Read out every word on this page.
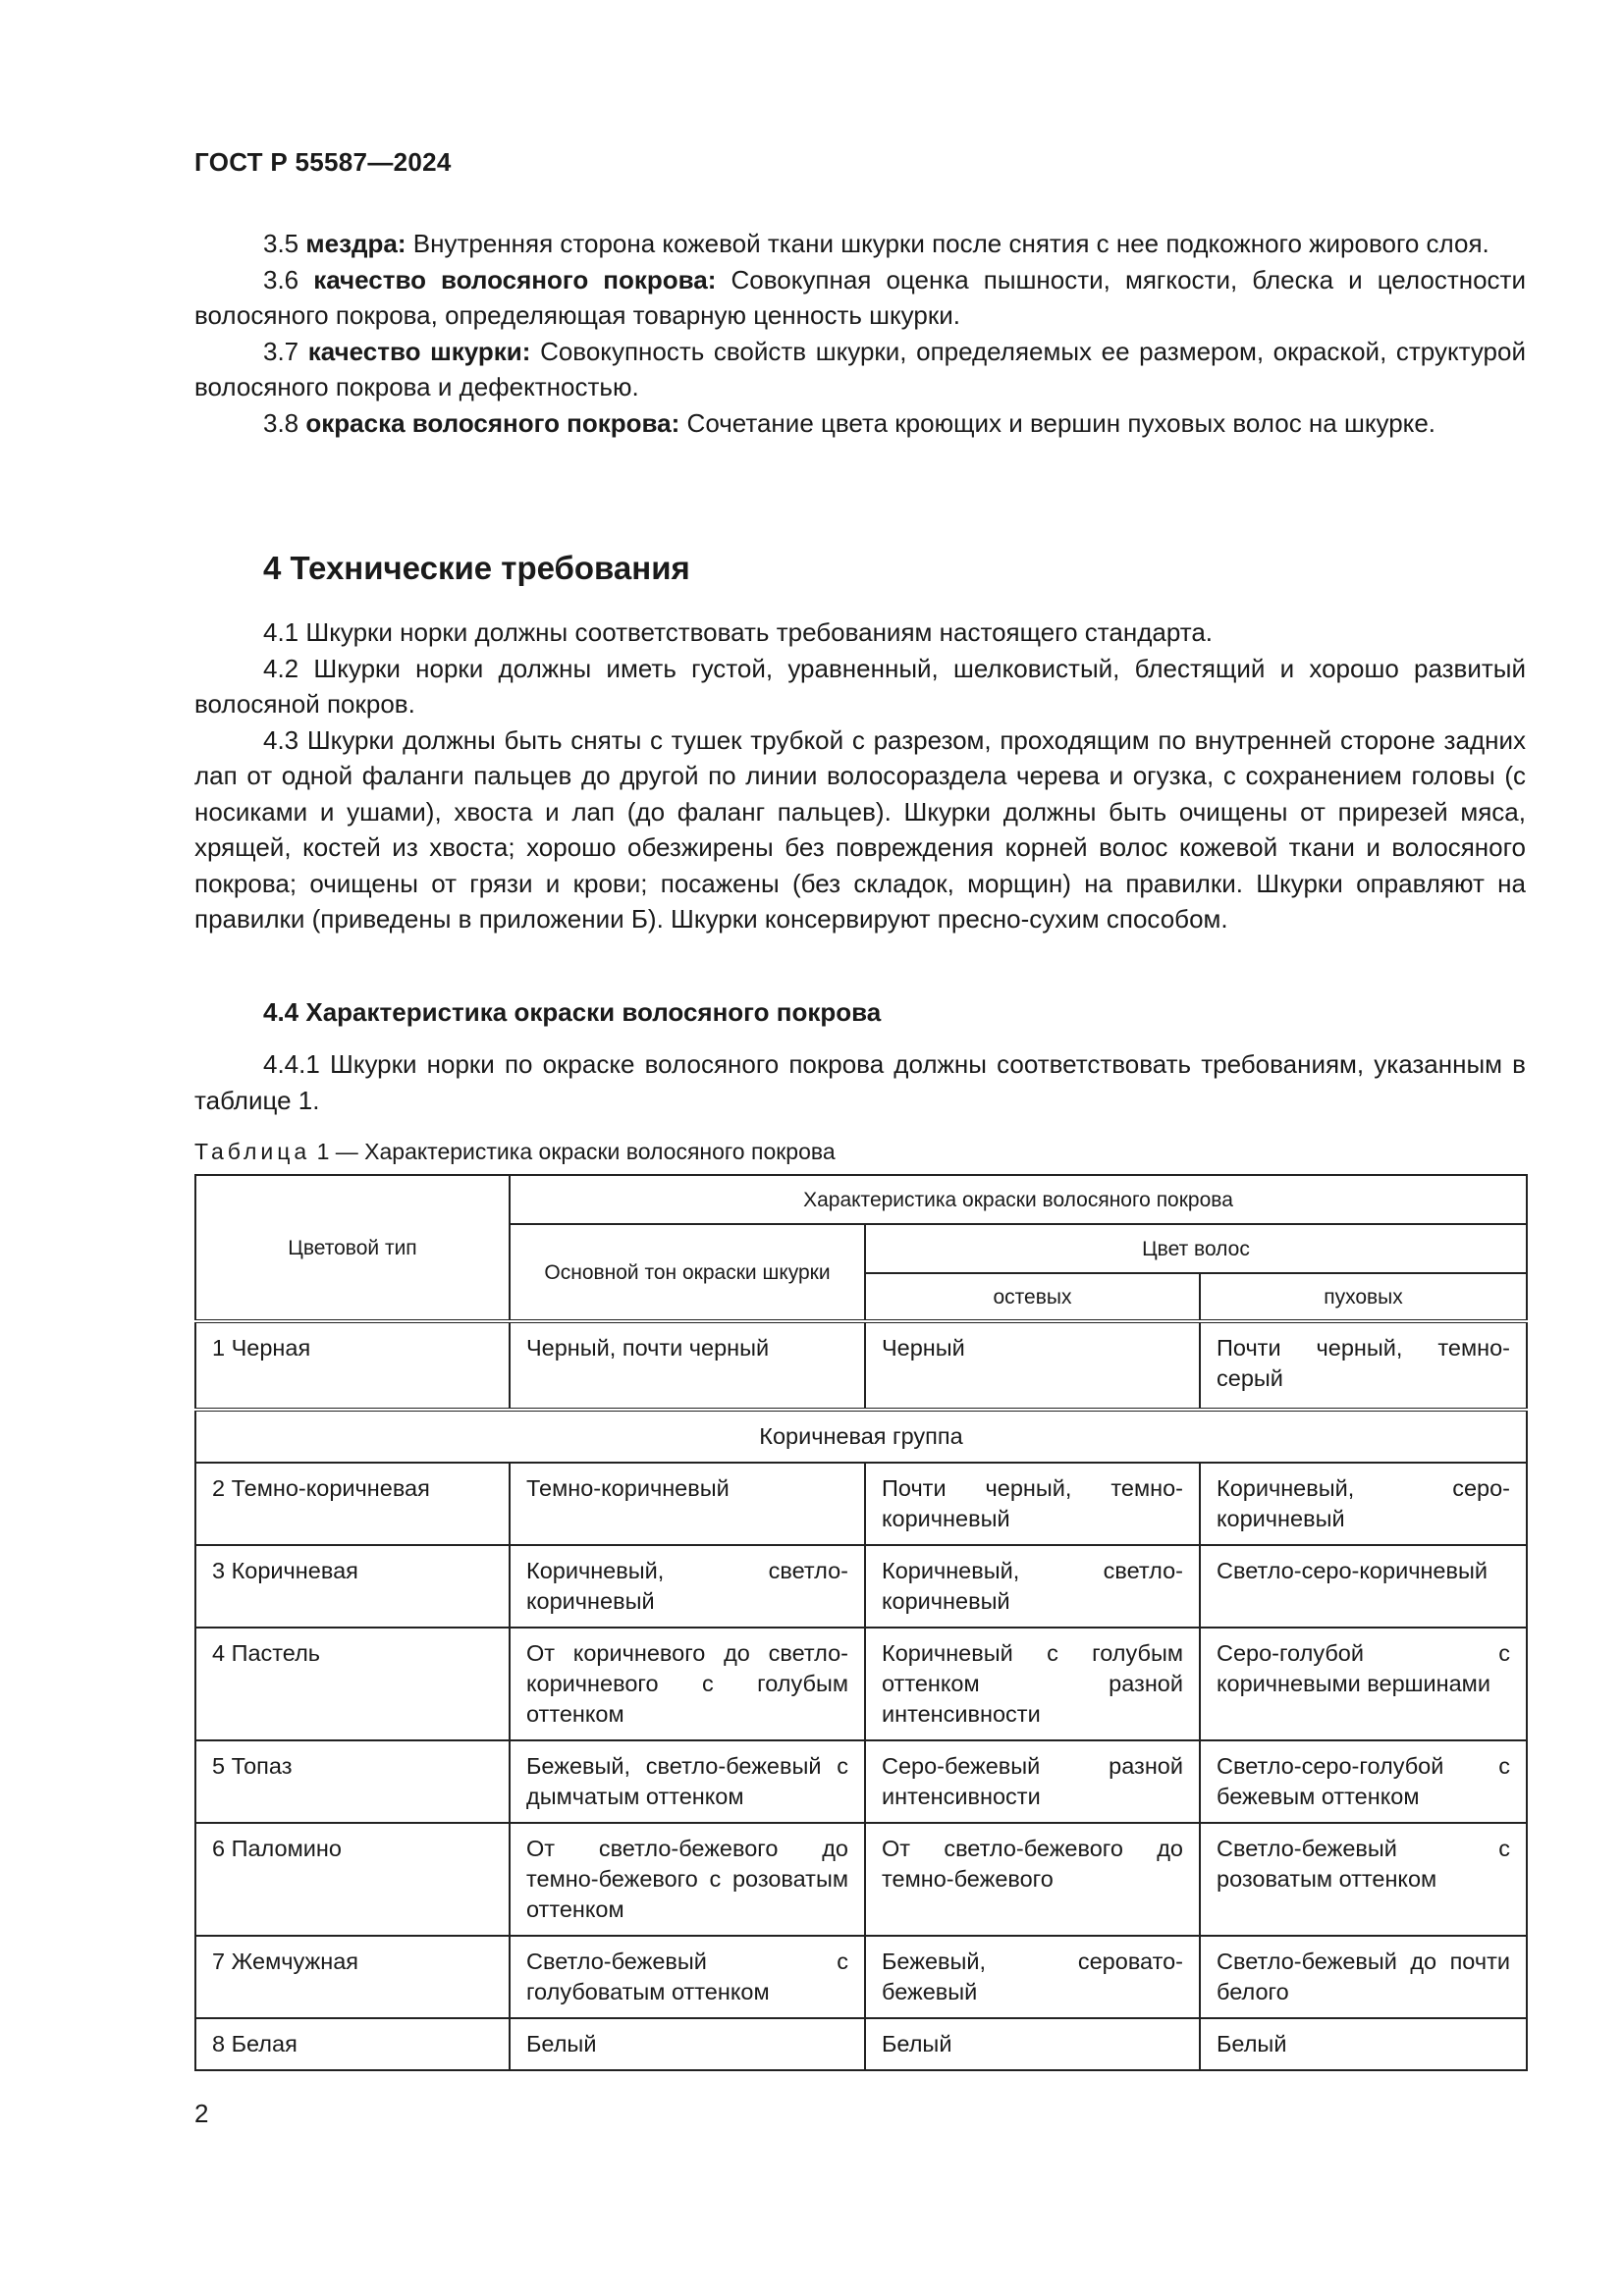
ГОСТ Р 55587—2024

3.5 мездра: Внутренняя сторона кожевой ткани шкурки после снятия с нее подкожного жирового слоя.

3.6 качество волосяного покрова: Совокупная оценка пышности, мягкости, блеска и целостности волосяного покрова, определяющая товарную ценность шкурки.

3.7 качество шкурки: Совокупность свойств шкурки, определяемых ее размером, окраской, структурой волосяного покрова и дефектностью.

3.8 окраска волосяного покрова: Сочетание цвета кроющих и вершин пуховых волос на шкурке.

4 Технические требования

4.1 Шкурки норки должны соответствовать требованиям настоящего стандарта.

4.2 Шкурки норки должны иметь густой, уравненный, шелковистый, блестящий и хорошо развитый волосяной покров.

4.3 Шкурки должны быть сняты с тушек трубкой с разрезом, проходящим по внутренней стороне задних лап от одной фаланги пальцев до другой по линии волосораздела черева и огузка, с сохранением головы (с носиками и ушами), хвоста и лап (до фаланг пальцев). Шкурки должны быть очищены от прирезей мяса, хрящей, костей из хвоста; хорошо обезжирены без повреждения корней волос кожевой ткани и волосяного покрова; очищены от грязи и крови; посажены (без складок, морщин) на правилки. Шкурки оправляют на правилки (приведены в приложении Б). Шкурки консервируют пресно-сухим способом.

4.4 Характеристика окраски волосяного покрова

4.4.1 Шкурки норки по окраске волосяного покрова должны соответствовать требованиям, указанным в таблице 1.

Таблица 1 — Характеристика окраски волосяного покрова
Цветовой тип	Характеристика окраски волосяного покрова		
	Основной тон окраски шкурки	Цвет волос	
		остевых	пуховых
1 Черная	Черный, почти черный	Черный	Почти черный, темно-серый
Коричневая группа			
2 Темно-коричневая	Темно-коричневый	Почти черный, темно-коричневый	Коричневый, серо-коричневый
3 Коричневая	Коричневый, светло-коричневый	Коричневый, светло-коричневый	Светло-серо-коричневый
4 Пастель	От коричневого до светло-коричневого с голубым оттенком	Коричневый с голубым оттенком разной интенсивности	Серо-голубой с коричневыми вершинами
5 Топаз	Бежевый, светло-бежевый с дымчатым оттенком	Серо-бежевый разной интенсивности	Светло-серо-голубой с бежевым оттенком
6 Паломино	От светло-бежевого до темно-бежевого с розоватым оттенком	От светло-бежевого до темно-бежевого	Светло-бежевый с розоватым оттенком
7 Жемчужная	Светло-бежевый с голубоватым оттенком	Бежевый, серовато-бежевый	Светло-бежевый до почти белого
8 Белая	Белый	Белый	Белый
2
